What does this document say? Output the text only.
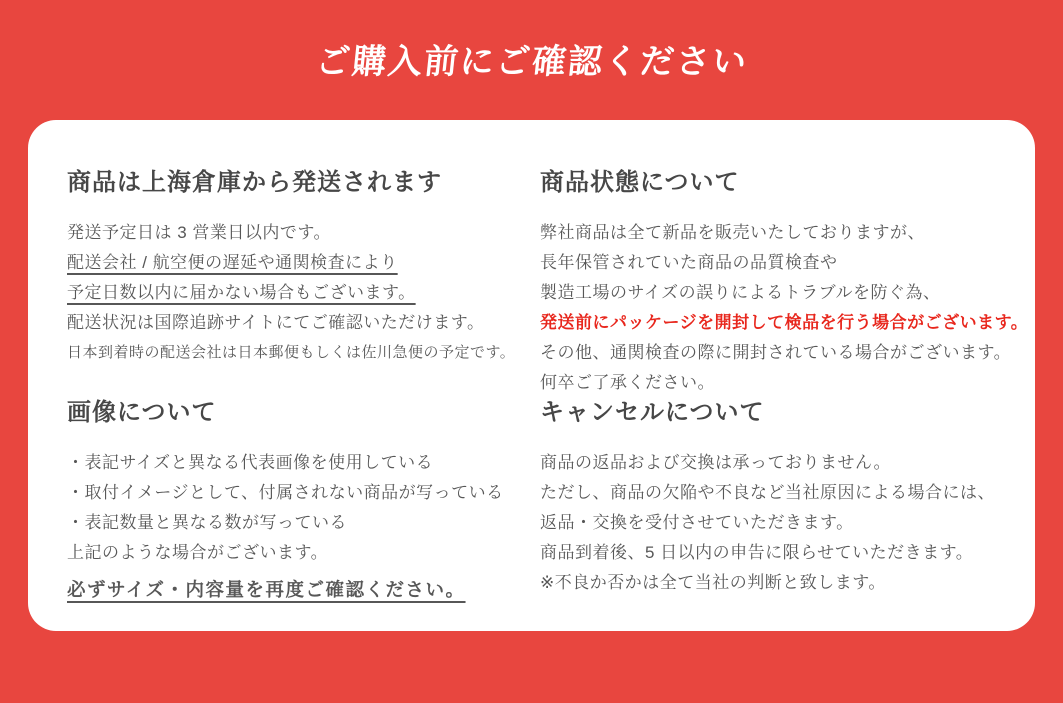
ご購入前にご確認ください
商品は上海倉庫から発送されます

発送予定日は 3 営業日以内です。

配送会社 / 航空便の遅延や通関検査により

予定日数以内に届かない場合もございます。

配送状況は国際追跡サイトにてご確認いただけます。

日本到着時の配送会社は日本郵便もしくは佐川急便の予定です。

商品状態について

弊社商品は全て新品を販売いたしておりますが、

長年保管されていた商品の品質検査や

製造工場のサイズの誤りによるトラブルを防ぐ為、

発送前にパッケージを開封して検品を行う場合がございます。

その他、通関検査の際に開封されている場合がございます。

何卒ご了承ください。

画像について

・表記サイズと異なる代表画像を使用している

・取付イメージとして、付属されない商品が写っている

・表記数量と異なる数が写っている

上記のような場合がございます。

必ずサイズ・内容量を再度ご確認ください。

キャンセルについて

商品の返品および交換は承っておりません。

ただし、商品の欠陥や不良など当社原因による場合には、

返品・交換を受付させていただきます。

商品到着後、5 日以内の申告に限らせていただきます。

※不良か否かは全て当社の判断と致します。
